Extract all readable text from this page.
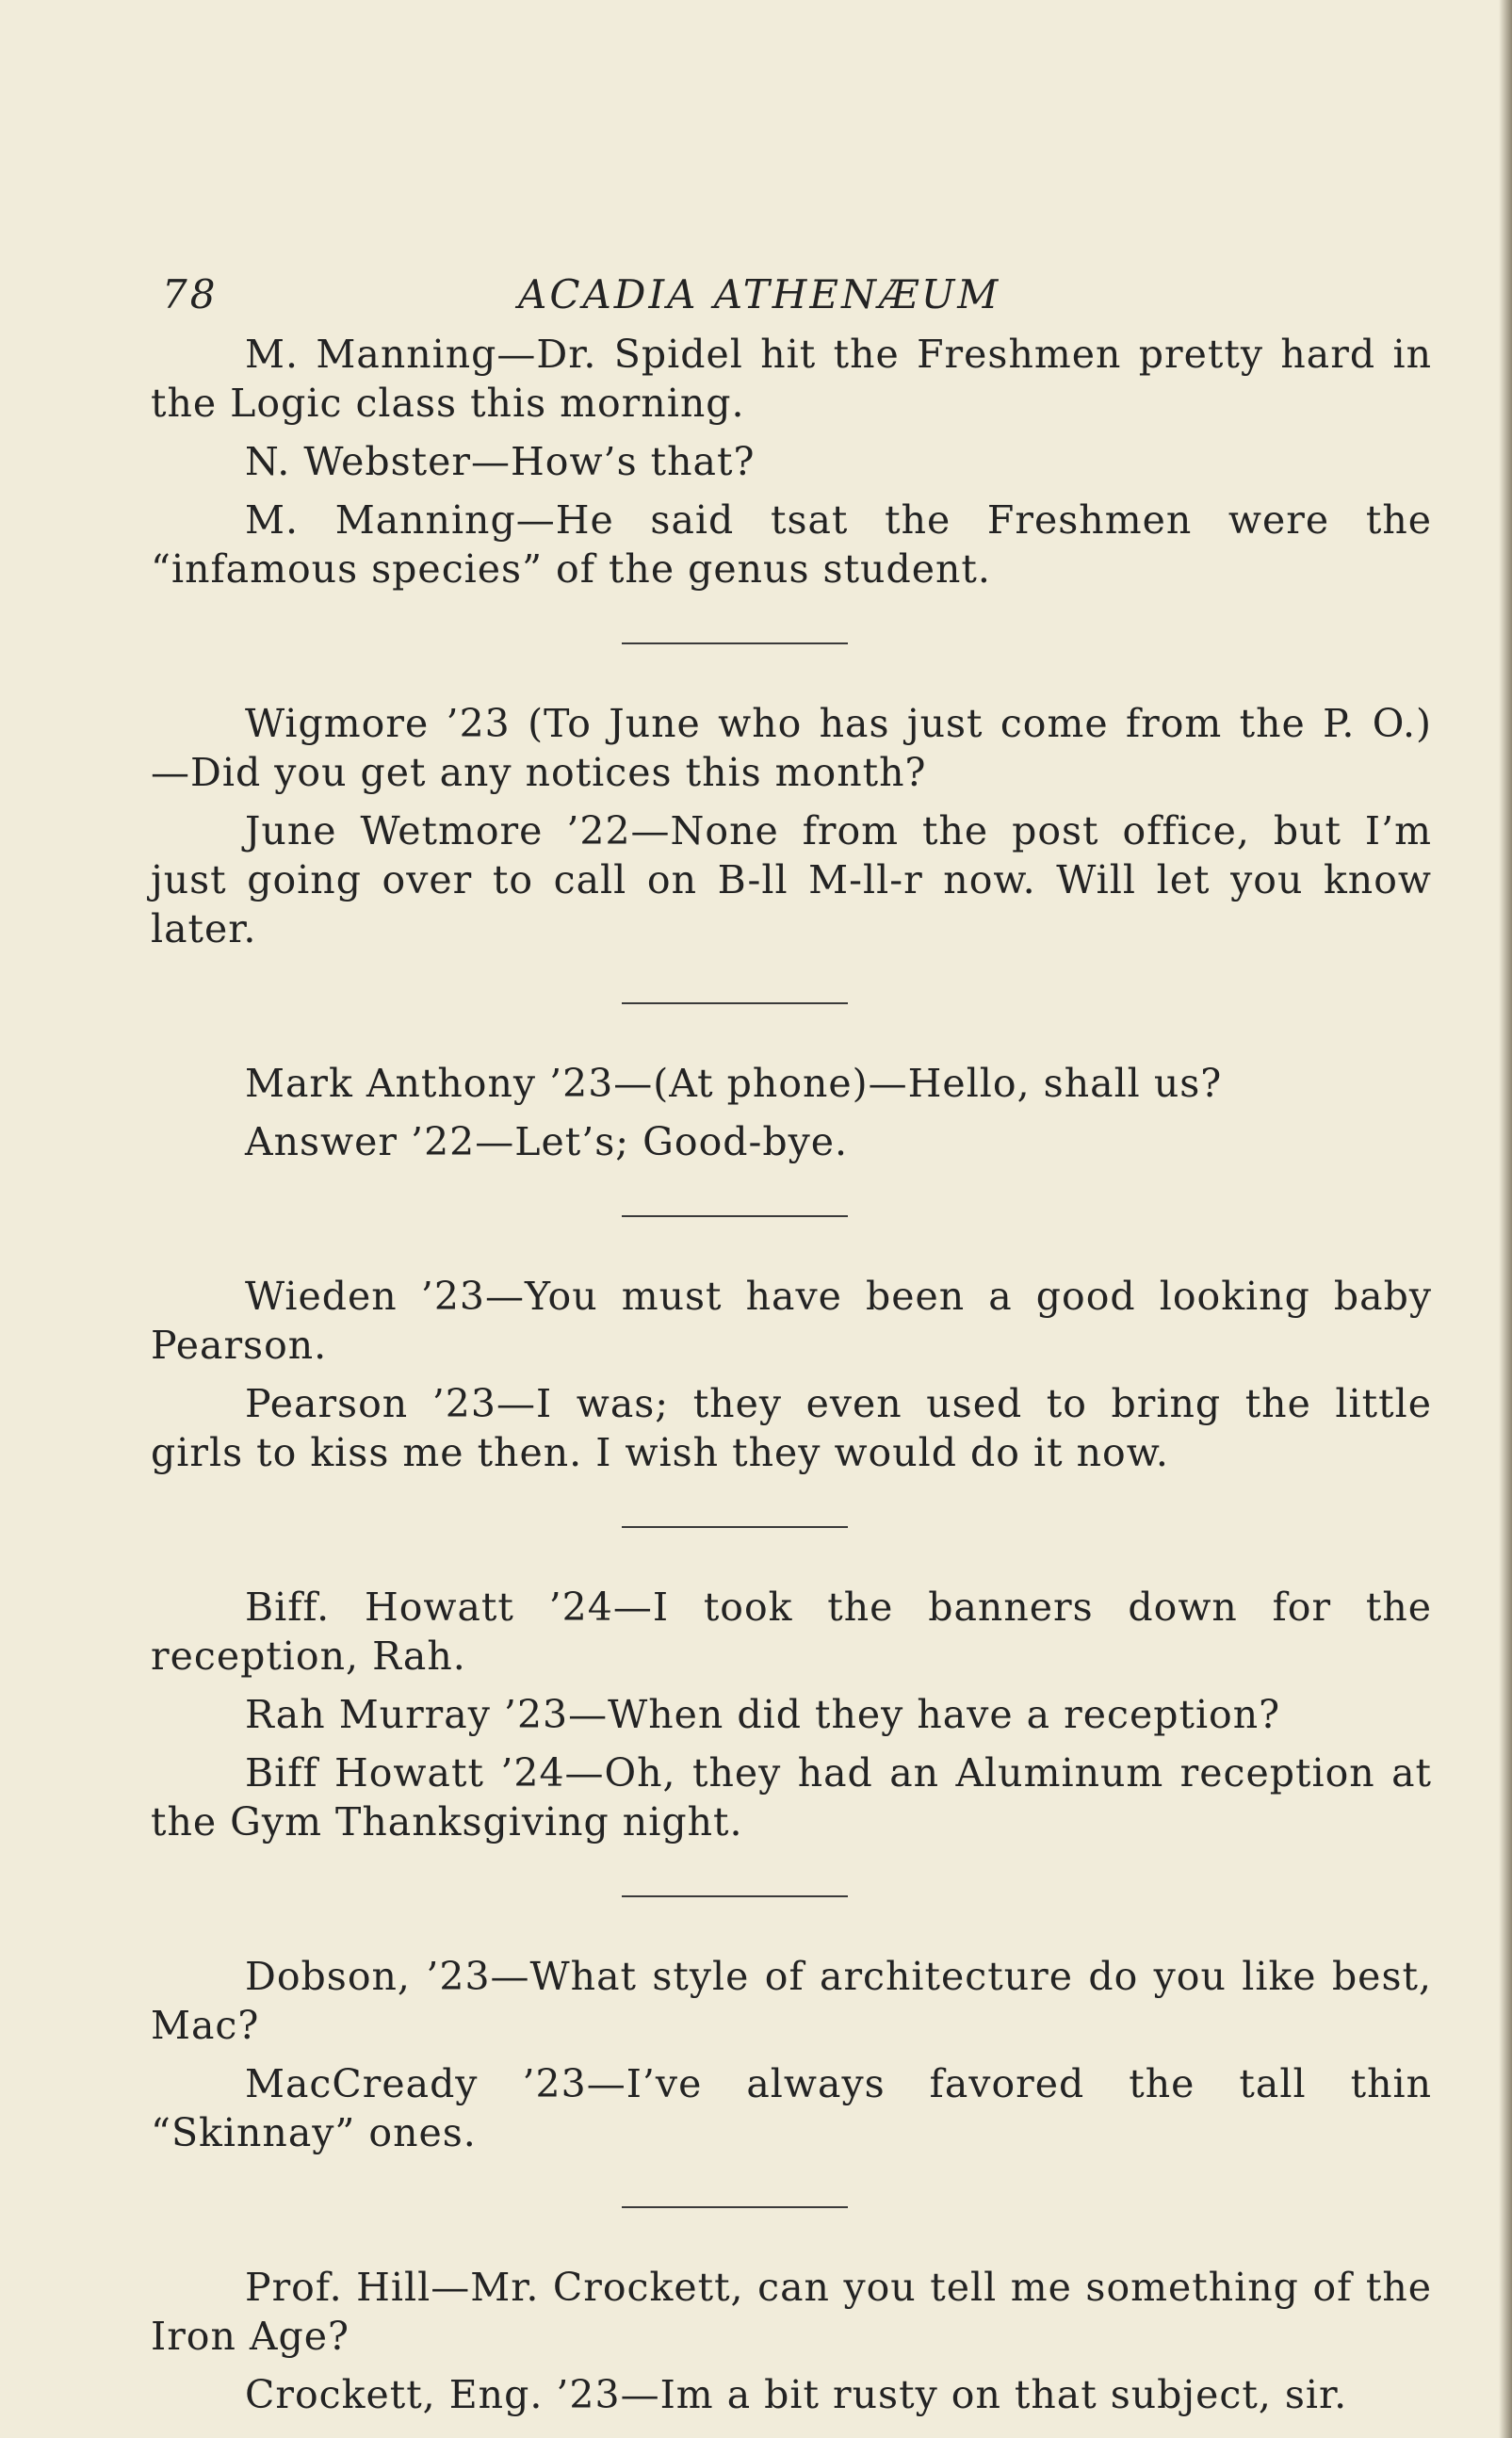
78	ACADIA ATHENÆUM

M. Manning—Dr. Spidel hit the Freshmen pretty hard in the Logic class this morning.

N. Webster—How’s that?

M. Manning—He said tsat the Freshmen were the “infamous species” of the genus student.

Wigmore ’23 (To June who has just come from the P. O.) —Did you get any notices this month?

June Wetmore ’22—None from the post office, but I’m just going over to call on B-ll M-ll-r now. Will let you know later.

Mark Anthony ’23—(At phone)—Hello, shall us?

Answer ’22—Let’s; Good-bye.

Wieden ’23—You must have been a good looking baby Pearson.

Pearson ’23—I was; they even used to bring the little girls to kiss me then. I wish they would do it now.

Biff. Howatt ’24—I took the banners down for the reception, Rah.

Rah Murray ’23—When did they have a reception?

Biff Howatt ’24—Oh, they had an Aluminum reception at the Gym Thanksgiving night.

Dobson, ’23—What style of architecture do you like best, Mac?

MacCready ’23—I’ve always favored the tall thin “Skinnay” ones.

Prof. Hill—Mr. Crockett, can you tell me something of the Iron Age?

Crockett, Eng. ’23—Im a bit rusty on that subject, sir.
